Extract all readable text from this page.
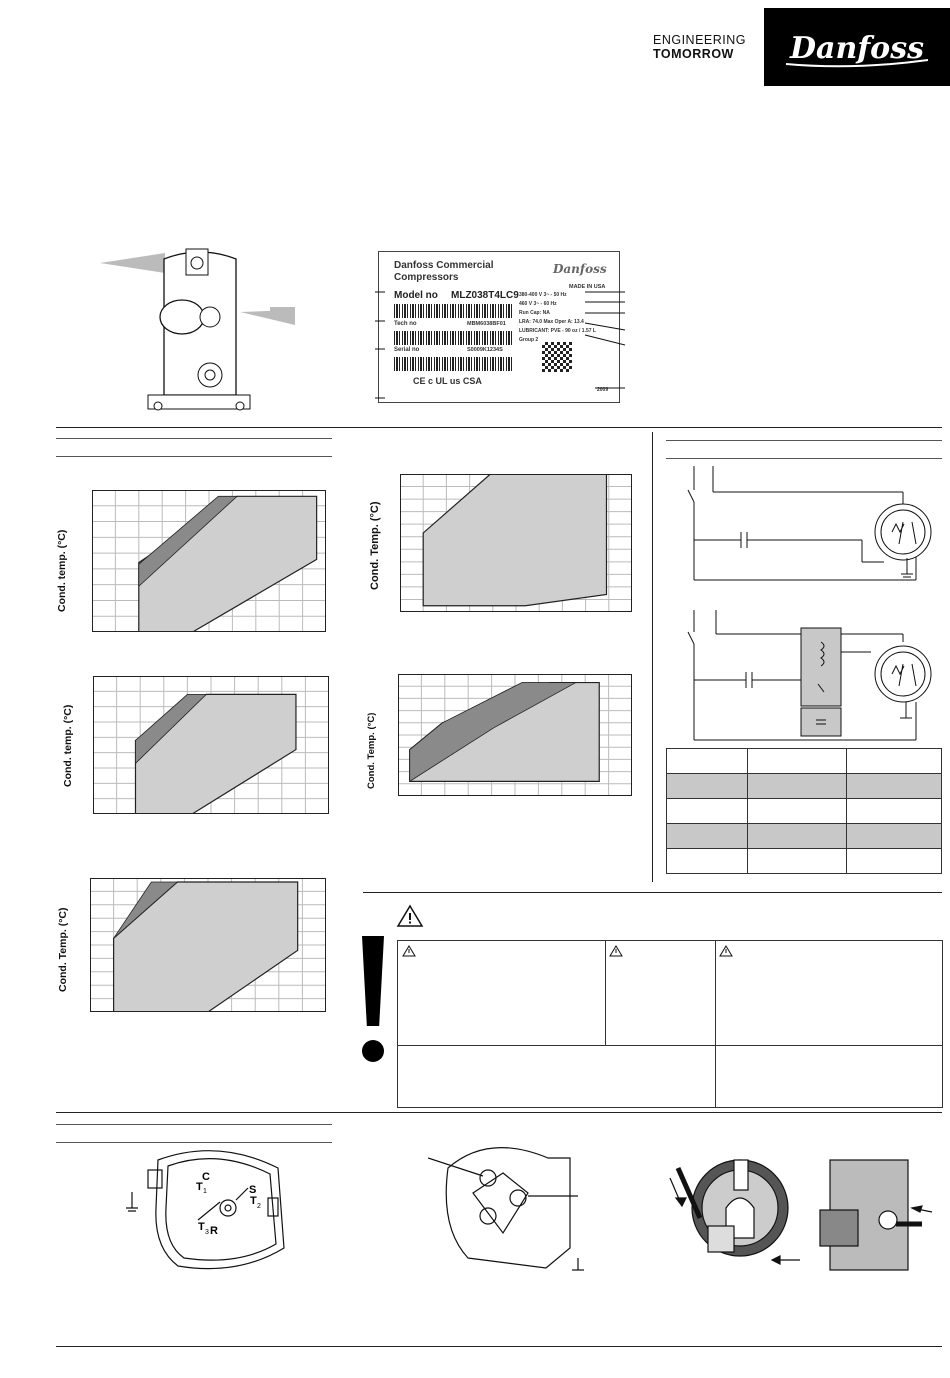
ENGINEERING
TOMORROW	Danfoss
Danfoss Commercial
Compressors
Danfoss
MADE IN USA
Model no MLZ038T4LC9 380-400 V 3~ - 50 Hz
460 V 3~ - 60 Hz
Run Cap: NA
Tech no	MBM6038BF01	LRA: 74.0 Max Oper A: 13.4
LUBRICANT: PVE - 90 oz / 1.57 L
Group 2
Serial no	S0009K1234S
CE c UL us CSA
2009
Cond. temp. (°C)
Cond. temp. (°C)
Cond. Temp. (°C)
Cond. Temp. (°C)
Cond. Temp. (°C)

T 1
C
T 2
S
T 3 R
